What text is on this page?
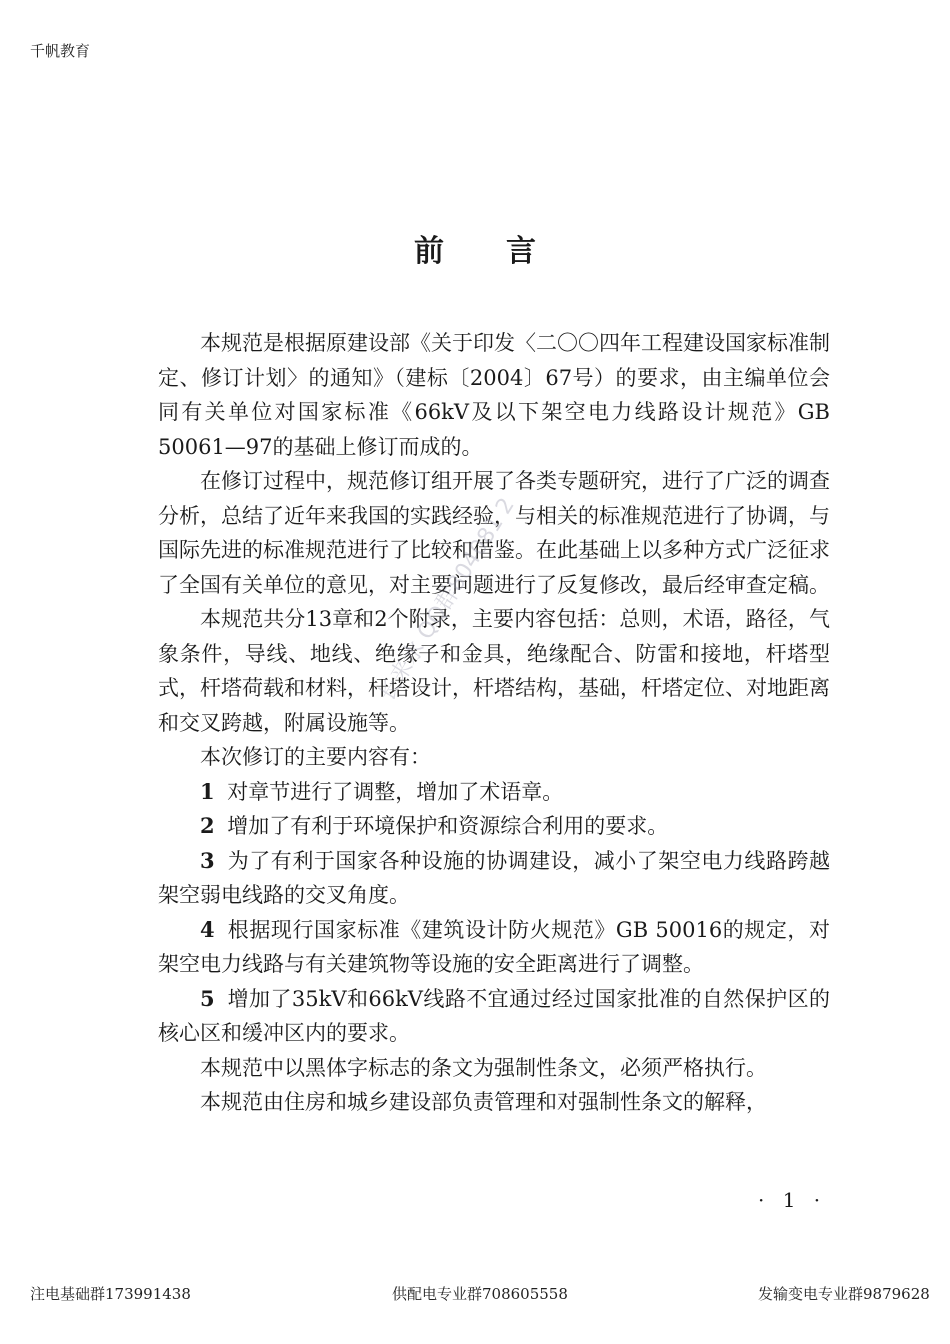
千帆教育
前言

本规范是根据原建设部《关于印发〈二〇〇四年工程建设国家标准制定、修订计划〉的通知》（建标〔2004〕67号）的要求，由主编单位会同有关单位对国家标准《66kV及以下架空电力线路设计规范》GB 50061—97的基础上修订而成的。

在修订过程中，规范修订组开展了各类专题研究，进行了广泛的调查分析，总结了近年来我国的实践经验，与相关的标准规范进行了协调，与国际先进的标准规范进行了比较和借鉴。在此基础上以多种方式广泛征求了全国有关单位的意见，对主要问题进行了反复修改，最后经审查定稿。

本规范共分13章和2个附录，主要内容包括：总则，术语，路径，气象条件，导线、地线、绝缘子和金具，绝缘配合、防雷和接地，杆塔型式，杆塔荷载和材料，杆塔设计，杆塔结构，基础，杆塔定位、对地距离和交叉跨越，附属设施等。

本次修订的主要内容有：

1 对章节进行了调整，增加了术语章。

2 增加了有利于环境保护和资源综合利用的要求。

3 为了有利于国家各种设施的协调建设，减小了架空电力线路跨越架空弱电线路的交叉角度。

4 根据现行国家标准《建筑设计防火规范》GB 50016的规定，对架空电力线路与有关建筑物等设施的安全距离进行了调整。

5 增加了35kV和66kV线路不宜通过经过国家批准的自然保护区的核心区和缓冲区内的要求。

本规范中以黑体字标志的条文为强制性条文，必须严格执行。

本规范由住房和城乡建设部负责管理和对强制性条文的解释，

长来水 QQ群804081 2
· 1 ·
注电基础群173991438	供配电专业群708605558	发输变电专业群9879628
